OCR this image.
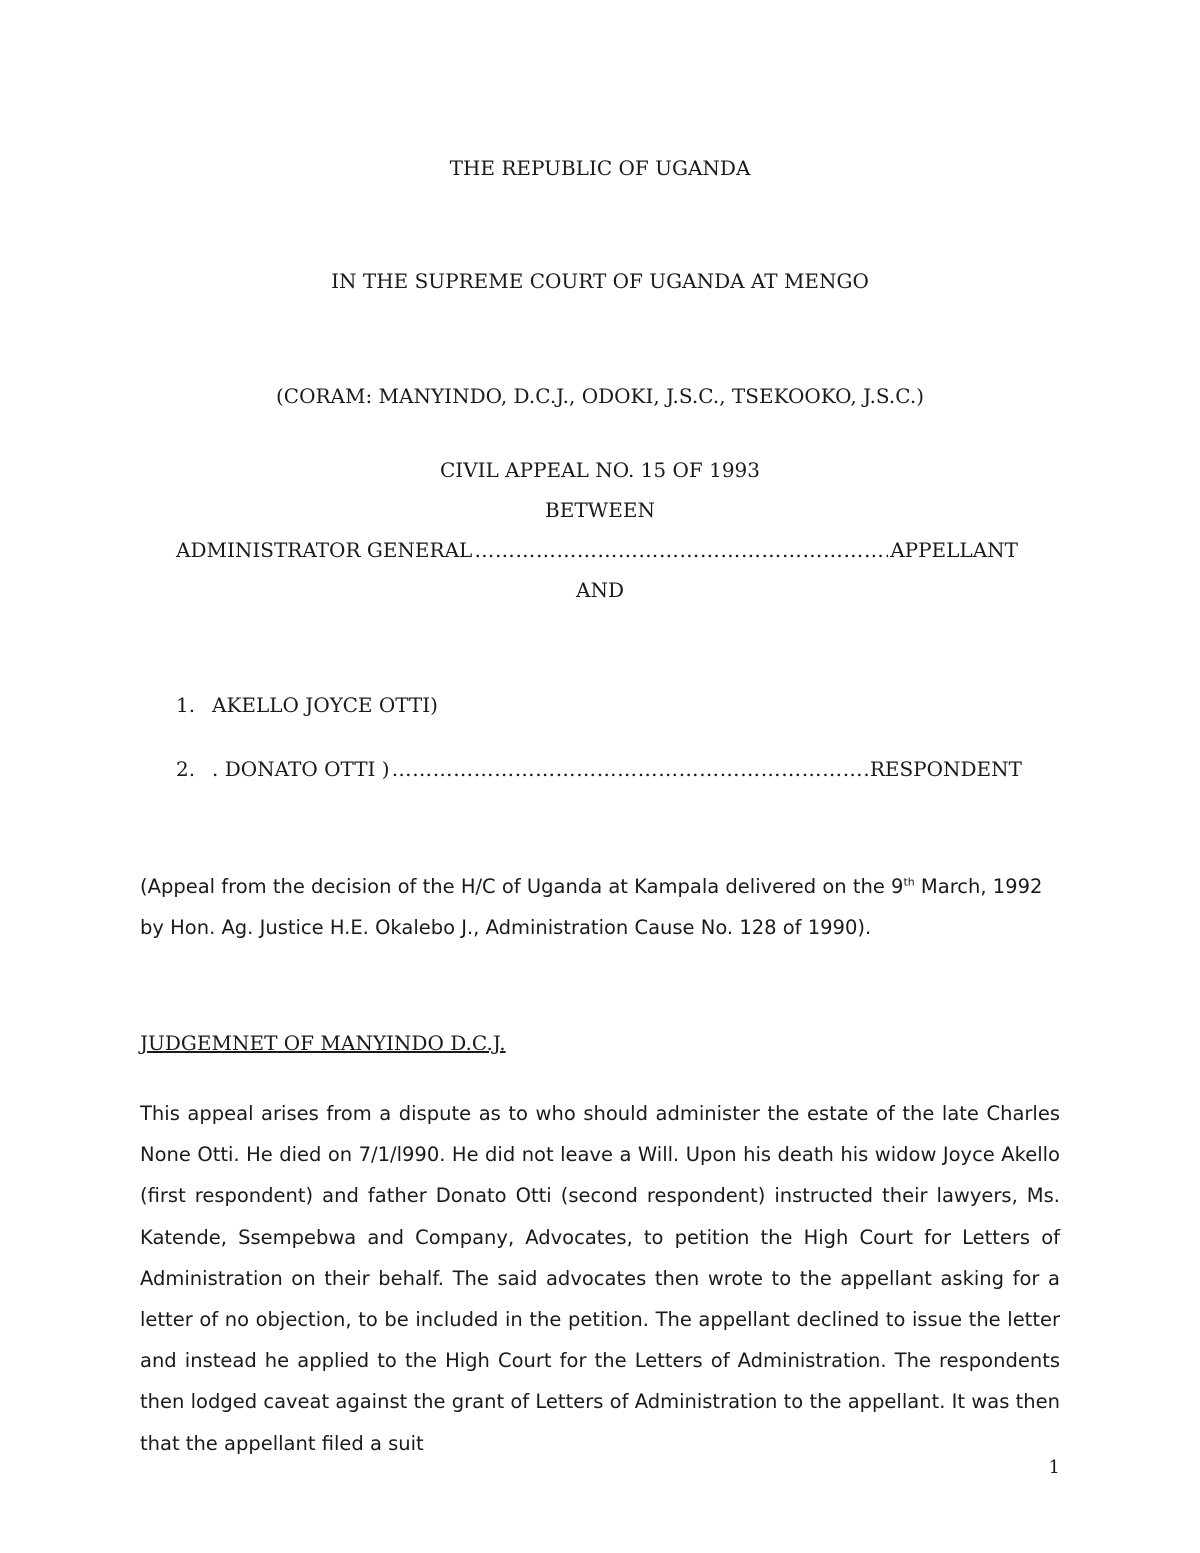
THE REPUBLIC OF UGANDA
IN THE SUPREME COURT OF UGANDA AT MENGO
(CORAM: MANYINDO, D.C.J., ODOKI, J.S.C., TSEKOOKO, J.S.C.)
CIVIL APPEAL NO. 15 OF 1993
BETWEEN
ADMINISTRATOR GENERAL ……………………………………………………………………………………………………………………………………	APPELLANT
AND
1. AKELLO JOYCE OTTI)
2. . DONATO OTTI ) ……………………………………………………………………………………………………………………………………	RESPONDENT
(Appeal from the decision of the H/C of Uganda at Kampala delivered on the 9th March, 1992 by Hon. Ag. Justice H.E. Okalebo J., Administration Cause No. 128 of 1990).
JUDGEMNET OF MANYINDO D.C.J.
This appeal arises from a dispute as to who should administer the estate of the late Charles None Otti. He died on 7/1/l990. He did not leave a Will. Upon his death his widow Joyce Akello (first respondent) and father Donato Otti (second respondent) instructed their lawyers, Ms. Katende, Ssempebwa and Company, Advocates, to petition the High Court for Letters of Administration on their behalf. The said advocates then wrote to the appellant asking for a letter of no objection, to be included in the petition. The appellant declined to issue the letter and instead he applied to the High Court for the Letters of Administration. The respondents then lodged caveat against the grant of Letters of Administration to the appellant. It was then that the appellant filed a suit
1
